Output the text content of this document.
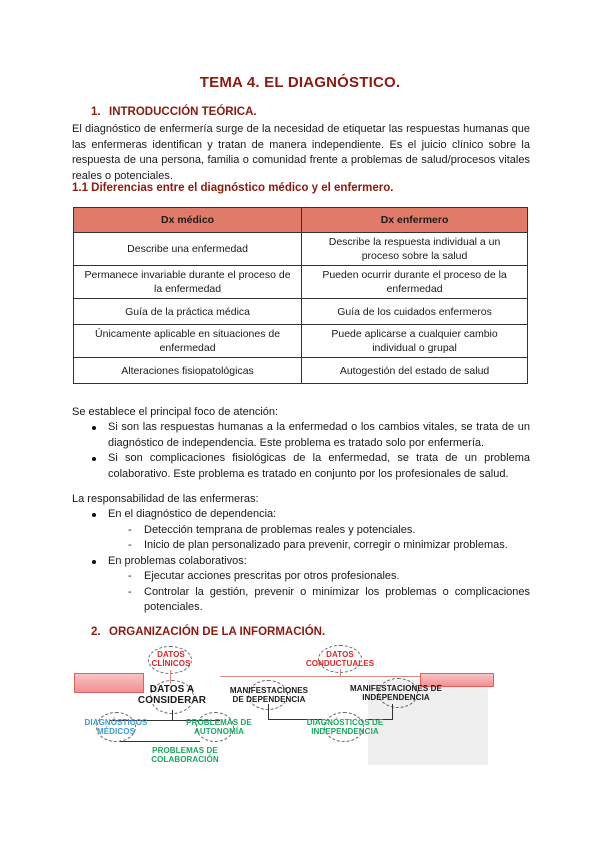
TEMA 4. EL DIAGNÓSTICO.
1. INTRODUCCIÓN TEÓRICA.
El diagnóstico de enfermería surge de la necesidad de etiquetar las respuestas humanas que las enfermeras identifican y tratan de manera independiente. Es el juicio clínico sobre la respuesta de una persona, familia o comunidad frente a problemas de salud/procesos vitales reales o potenciales.
1.1 Diferencias entre el diagnóstico médico y el enfermero.
Dx médico	Dx enfermero
Describe una enfermedad	Describe la respuesta individual a un proceso sobre la salud
Permanece invariable durante el proceso de la enfermedad	Pueden ocurrir durante el proceso de la enfermedad
Guía de la práctica médica	Guía de los cuidados enfermeros
Únicamente aplicable en situaciones de enfermedad	Puede aplicarse a cualquier cambio individual o grupal
Alteraciones fisiopatológicas	Autogestión del estado de salud
Se establece el principal foco de atención:
Si son las respuestas humanas a la enfermedad o los cambios vitales, se trata de un diagnóstico de independencia. Este problema es tratado solo por enfermería.
Si son complicaciones fisiológicas de la enfermedad, se trata de un problema colaborativo. Este problema es tratado en conjunto por los profesionales de salud.
La responsabilidad de las enfermeras:
En el diagnóstico de dependencia:
- Detección temprana de problemas reales y potenciales.
- Inicio de plan personalizado para prevenir, corregir o minimizar problemas.
En problemas colaborativos:
- Ejecutar acciones prescritas por otros profesionales.
- Controlar la gestión, prevenir o minimizar los problemas o complicaciones potenciales.
2. ORGANIZACIÓN DE LA INFORMACIÓN.
DATOS CLÍNICOS
DATOS A CONSIDERAR
DIAGNÓSTICOS MÉDICOS
PROBLEMAS DE AUTONOMÍA
PROBLEMAS DE COLABORACIÓN
DATOS CONDUCTUALES
MANIFESTACIONES DE DEPENDENCIA
MANIFESTACIONES DE INDEPENDENCIA
DIAGNÓSTICOS DE INDEPENDENCIA
